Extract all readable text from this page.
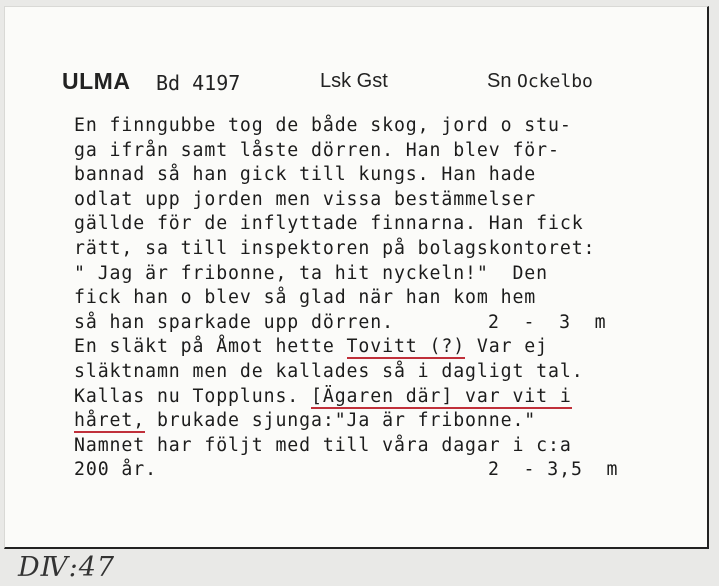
ULMA Bd 4197	Lsk Gst	Sn Ockelbo
En finngubbe tog de både skog, jord o stu-
ga ifrån samt låste dörren. Han blev för-
bannad så han gick till kungs. Han hade
odlat upp jorden men vissa bestämmelser
gällde för de inflyttade finnarna. Han fick
rätt, sa till inspektoren på bolagskontoret:
" Jag är fribonne, ta hit nyckeln!"  Den
fick han o blev så glad när han kom hem
så han sparkade upp dörren.	2  -  3  m
En släkt på Åmot hette Tovitt (?) Var ej
släktnamn men de kallades så i dagligt tal.
Kallas nu Toppluns. [Ägaren där] var vit i
håret, brukade sjunga:"Ja är fribonne."
Namnet har följt med till våra dagar i c:a
200 år.	2  - 3,5  m
DⅣ:47
